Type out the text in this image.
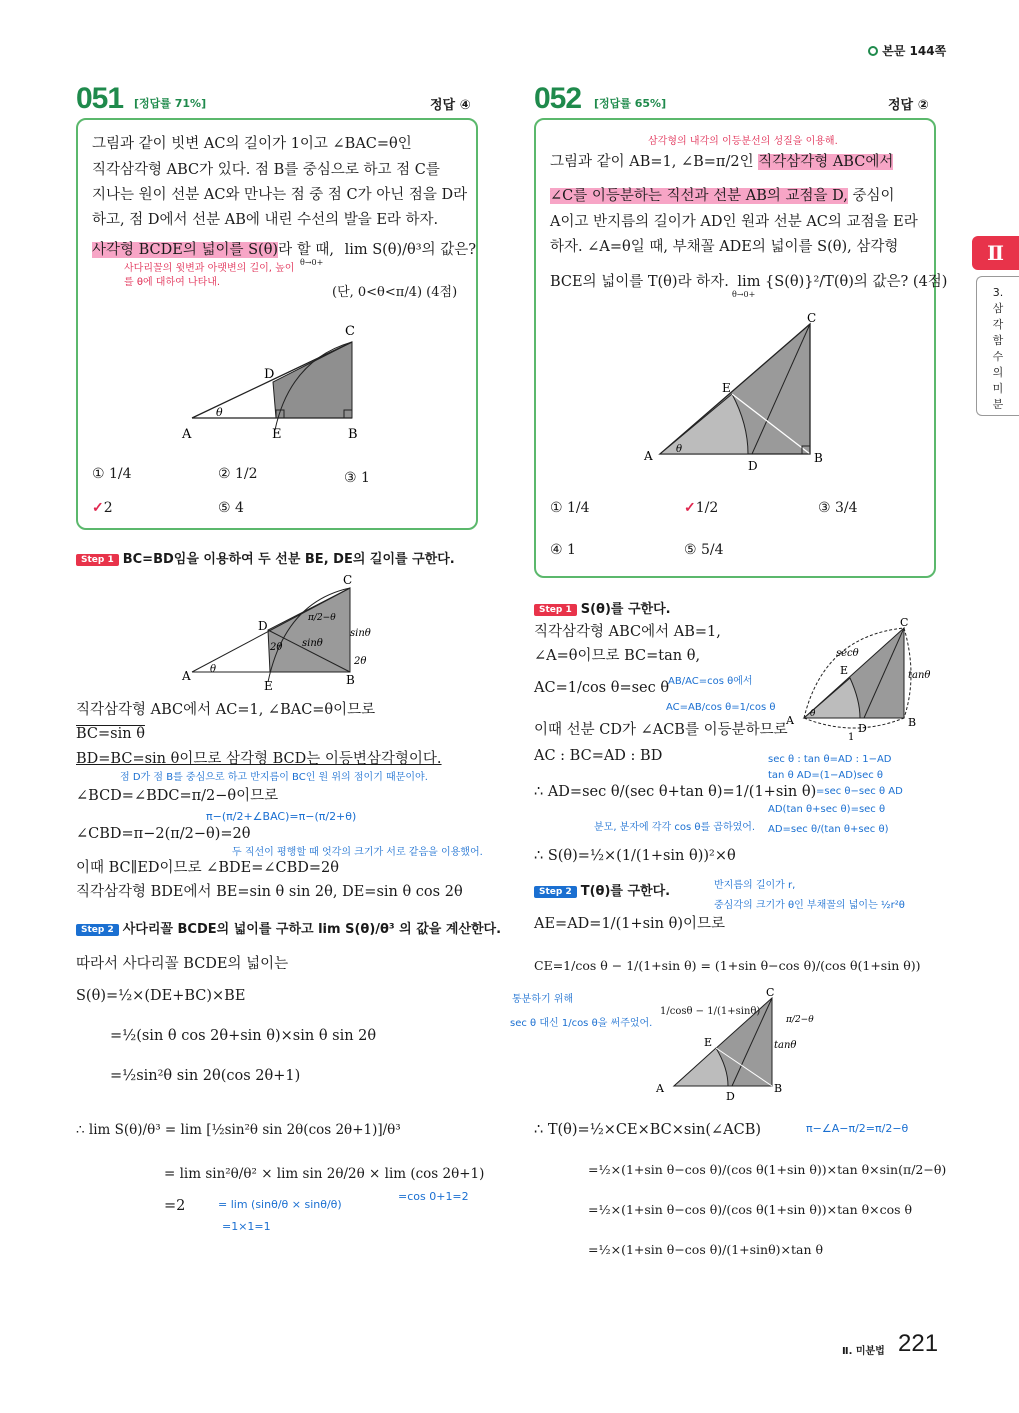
본문 144쪽
051 [정답률 71%]	정답 ④
그림과 같이 빗변 AC의 길이가 1이고 ∠BAC=θ인
직각삼각형 ABC가 있다. 점 B를 중심으로 하고 점 C를
지나는 원이 선분 AC와 만나는 점 중 점 C가 아닌 점을 D라
하고, 점 D에서 선분 AB에 내린 수선의 발을 E라 하자.
사각형 BCDE의 넓이를 S(θ)라 할 때, lim S(θ)/θ³의 값은?
θ→0+
사다리꼴의 윗변과 아랫변의 길이, 높이를 θ에 대하여 나타내.
(단, 0<θ<π/4) (4점)
C
D
A	E	B
θ
① 1/4	② 1/2	③ 1
✓2	⑤ 4
Step 1 BC=BD임을 이용하여 두 선분 BE, DE의 길이를 구한다.
C
D
A
E	B
θ
π/2−θ
sinθ
sinθ
2θ
2θ
직각삼각형 ABC에서 AC=1, ∠BAC=θ이므로
BC=sin θ
BD=BC=sin θ이므로 삼각형 BCD는 이등변삼각형이다.
점 D가 점 B를 중심으로 하고 반지름이 BC인 원 위의 점이기 때문이야.
∠BCD=∠BDC=π/2−θ이므로
π−(π/2+∠BAC)=π−(π/2+θ)
∠CBD=π−2(π/2−θ)=2θ
두 직선이 평행할 때 엇각의 크기가 서로 같음을 이용했어.
이때 BC∥ED이므로 ∠BDE=∠CBD=2θ
직각삼각형 BDE에서 BE=sin θ sin 2θ, DE=sin θ cos 2θ
Step 2 사다리꼴 BCDE의 넓이를 구하고 lim S(θ)/θ³ 의 값을 계산한다.
따라서 사다리꼴 BCDE의 넓이는
S(θ)=½×(DE+BC)×BE
=½(sin θ cos 2θ+sin θ)×sin θ sin 2θ
=½sin²θ sin 2θ(cos 2θ+1)
∴ lim S(θ)/θ³ = lim [½sin²θ sin 2θ(cos 2θ+1)]/θ³
= lim sin²θ/θ² × lim sin 2θ/2θ × lim (cos 2θ+1)
=2	= lim (sinθ/θ × sinθ/θ)
=1×1=1
=cos 0+1=2
052 [정답률 65%]	정답 ②
삼각형의 내각의 이등분선의 성질을 이용해.
그림과 같이 AB=1, ∠B=π/2인 직각삼각형 ABC에서
∠C를 이등분하는 직선과 선분 AB의 교점을 D, 중심이
A이고 반지름의 길이가 AD인 원과 선분 AC의 교점을 E라
하자. ∠A=θ일 때, 부채꼴 ADE의 넓이를 S(θ), 삼각형
BCE의 넓이를 T(θ)라 하자. lim {S(θ)}²/T(θ)의 값은? (4점)
θ→0+
C
E
A
D
B
θ
① 1/4	✓1/2	③ 3/4
④ 1	⑤ 5/4
Step 1 S(θ)를 구한다.
직각삼각형 ABC에서 AB=1,
∠A=θ이므로 BC=tan θ,
AC=1/cos θ=sec θ
AB/AC=cos θ에서
AC=AB/cos θ=1/cos θ
이때 선분 CD가 ∠ACB를 이등분하므로
AC : BC=AD : BD	sec θ : tan θ=AD : 1−AD
tan θ AD=(1−AD)sec θ
=sec θ−sec θ AD
AD(tan θ+sec θ)=sec θ
AD=sec θ/(tan θ+sec θ)
∴ AD=sec θ/(sec θ+tan θ)=1/(1+sin θ)
분모, 분자에 각각 cos θ를 곱하였어.
∴ S(θ)=½×(1/(1+sin θ))²×θ
반지름의 길이가 r,
중심각의 크기가 θ인 부채꼴의 넓이는 ½r²θ
C
E
A
D	B
secθ
tanθ
1
θ
Step 2 T(θ)를 구한다.
AE=AD=1/(1+sin θ)이므로
CE=1/cos θ − 1/(1+sin θ) = (1+sin θ−cos θ)/(cos θ(1+sin θ))
통분하기 위해
sec θ 대신 1/cos θ을 써주었어.
C
E
A
D
B
tanθ
π/2−θ
1/cosθ − 1/(1+sinθ)
∴ T(θ)=½×CE×BC×sin(∠ACB)	π−∠A−π/2=π/2−θ
=½×(1+sin θ−cos θ)/(cos θ(1+sin θ))×tan θ×sin(π/2−θ)
=½×(1+sin θ−cos θ)/(cos θ(1+sin θ))×tan θ×cos θ
=½×(1+sin θ−cos θ)/(1+sinθ)×tan θ
Ⅱ
3. 삼각함수의 미분
Ⅱ. 미분법 221
